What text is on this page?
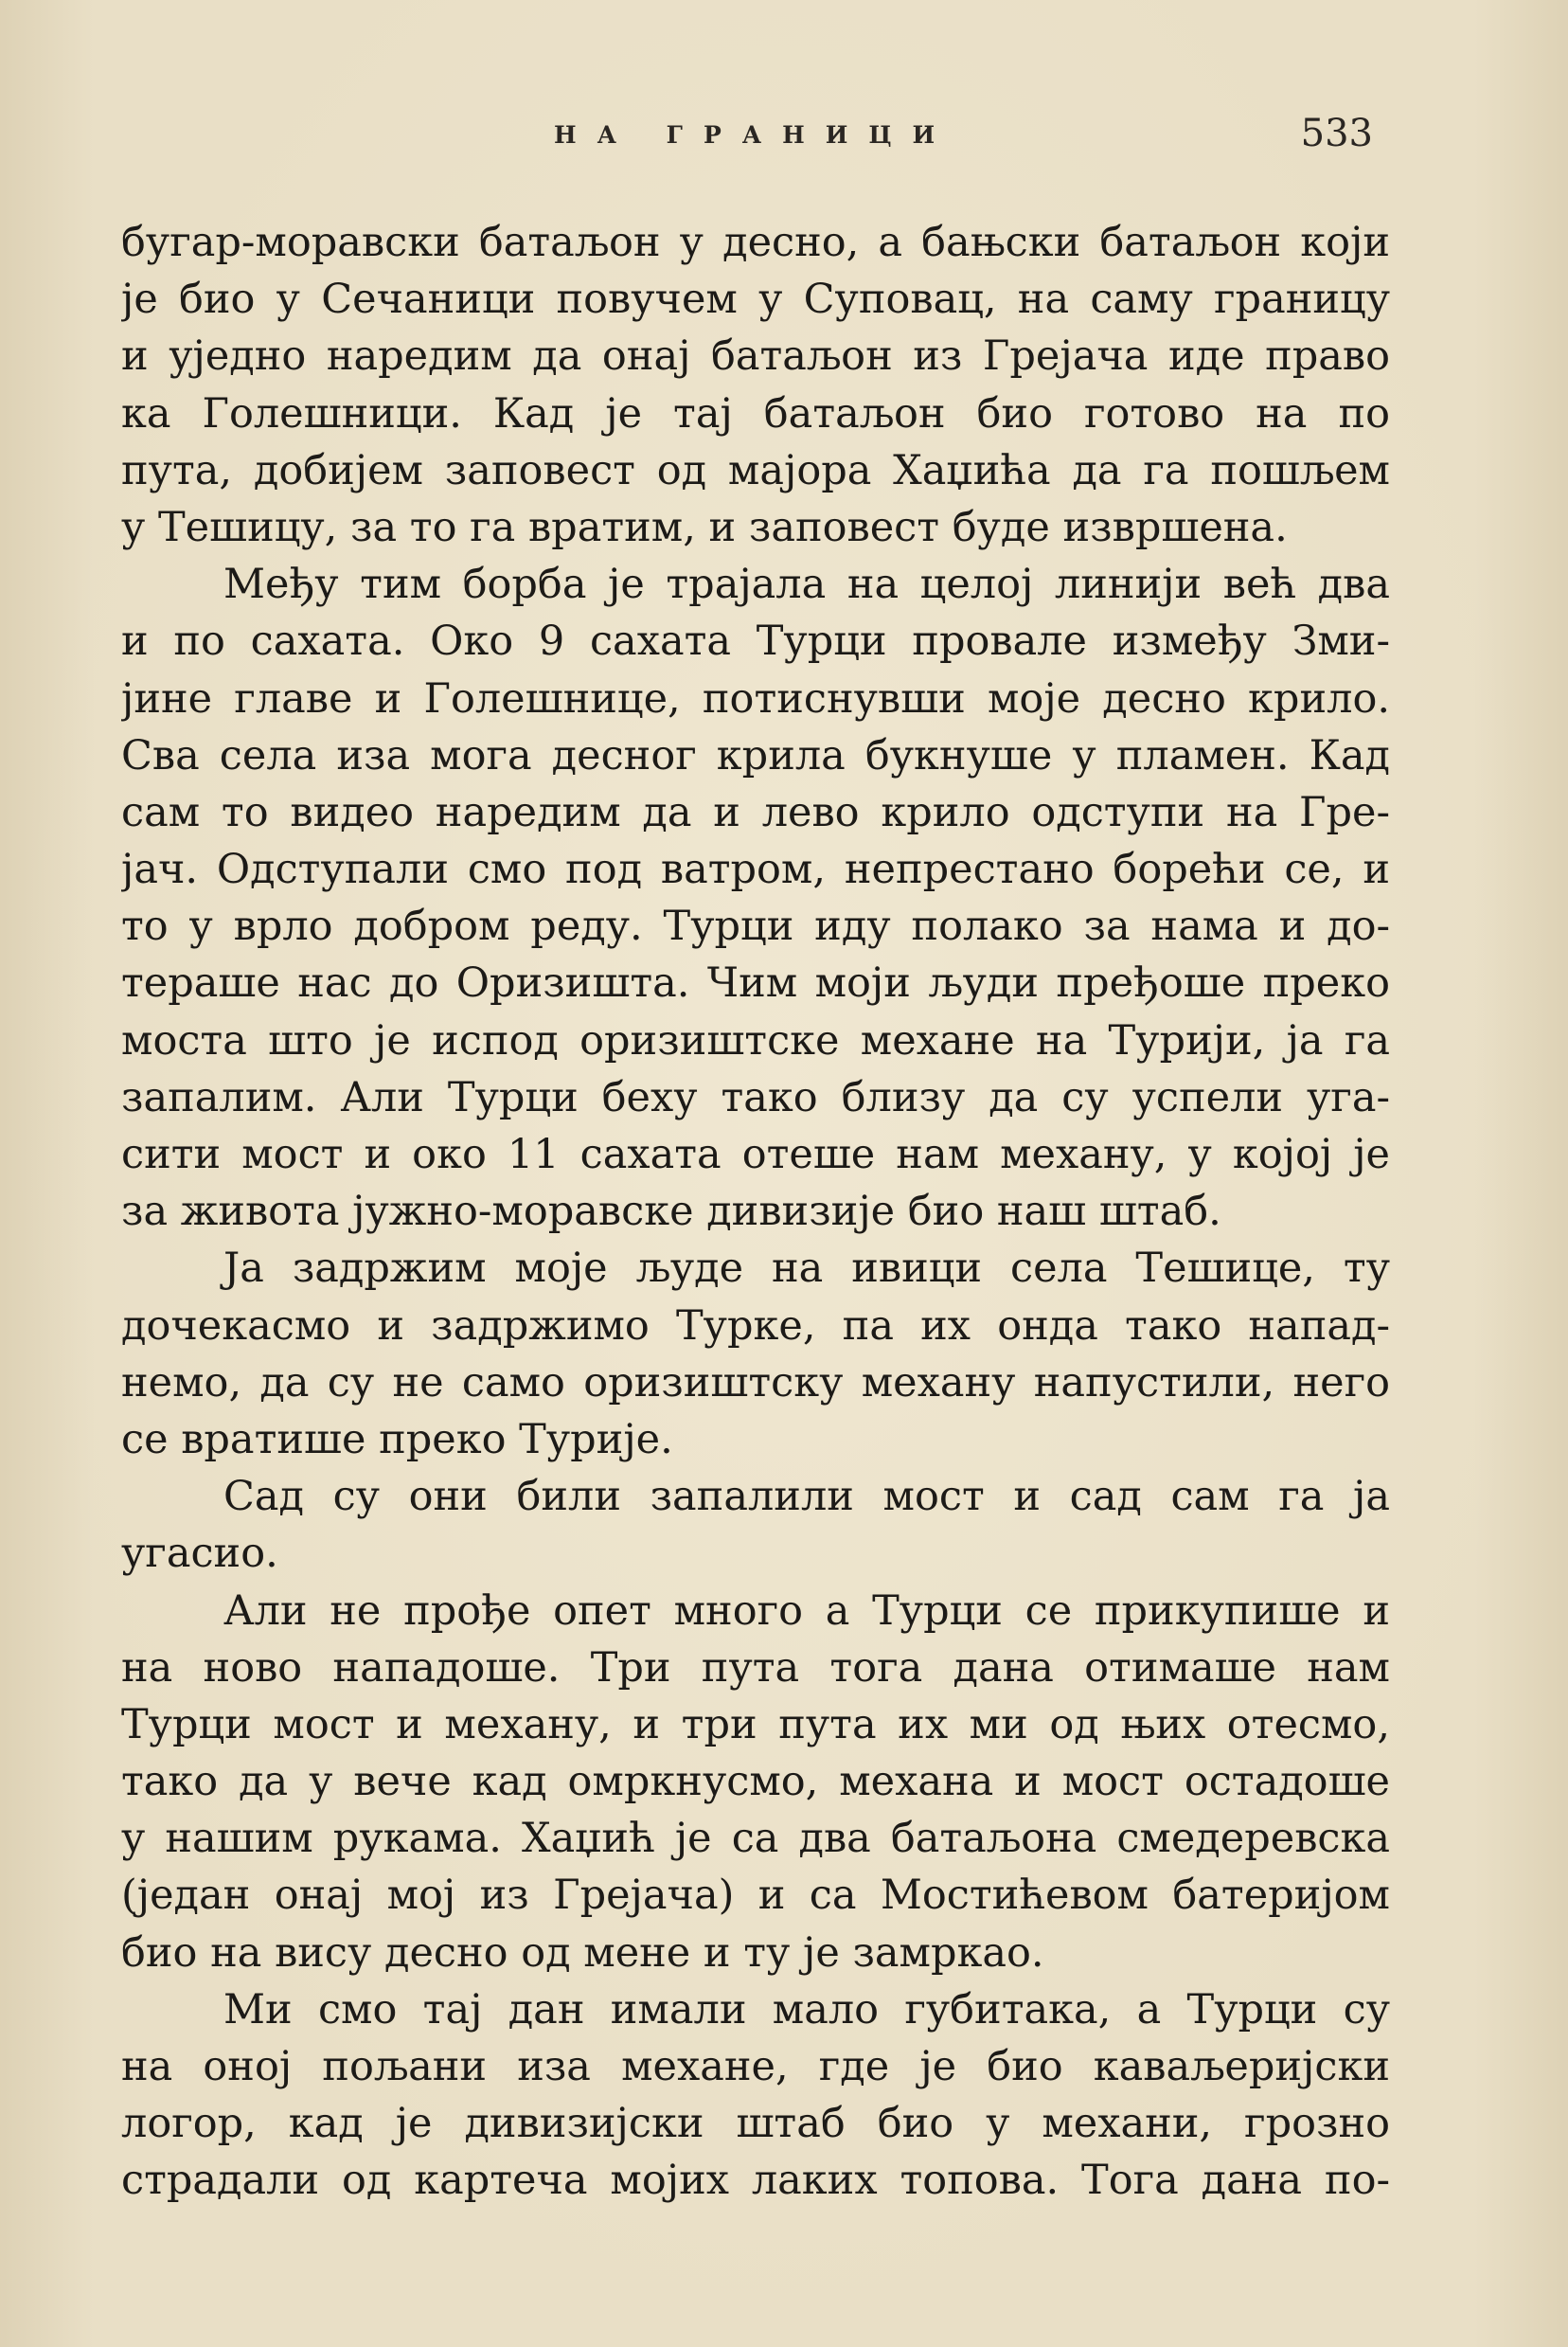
НА ГРАНИЦИ	533
бугар-моравски батаљон у десно, а бањски батаљон који
је био у Сечаници повучем у Суповац, на саму границу
и уједно наредим да онај батаљон из Грејача иде право
ка Голешници. Кад је тај батаљон био готово на по
пута, добијем заповест од мајора Хаџића да га пошљем
у Тешицу, за то га вратим, и заповест буде извршена.
Међу тим борба је трајала на целој линији већ два
и по сахата. Око 9 сахата Турци провале између Зми-
јине главе и Голешнице, потиснувши моје десно крило.
Сва села иза мога десног крила букнуше у пламен. Кад
сам то видео наредим да и лево крило одступи на Гре-
јач. Одступали смо под ватром, непрестано борећи се, и
то у врло добром реду. Турци иду полако за нама и до-
тераше нас до Оризишта. Чим моји људи пређоше преко
моста што је испод оризиштске механе на Турији, ја га
запалим. Али Турци беху тако близу да су успели уга-
сити мост и око 11 сахата отеше нам механу, у којој је
за живота јужно-моравске дивизије био наш штаб.
Ја задржим моје људе на ивици села Тешице, ту
дочекасмо и задржимо Турке, па их онда тако напад-
немо, да су не само оризиштску механу напустили, него
се вратише преко Турије.
Сад су они били запалили мост и сад сам га ја
угасио.
Али не прође опет много а Турци се прикупише и
на ново нападоше. Три пута тога дана отимаше нам
Турци мост и механу, и три пута их ми од њих отесмо,
тако да у вече кад омркнусмо, механа и мост остадоше
у нашим рукама. Хаџић је са два батаљона смедеревска
(један онај мој из Грејача) и са Мостићевом батеријом
био на вису десно од мене и ту је замркао.
Ми смо тај дан имали мало губитака, а Турци су
на оној пољани иза механе, где је био каваљеријски
логор, кад је дивизијски штаб био у механи, грозно
страдали од картеча мојих лаких топова. Тога дана по-
